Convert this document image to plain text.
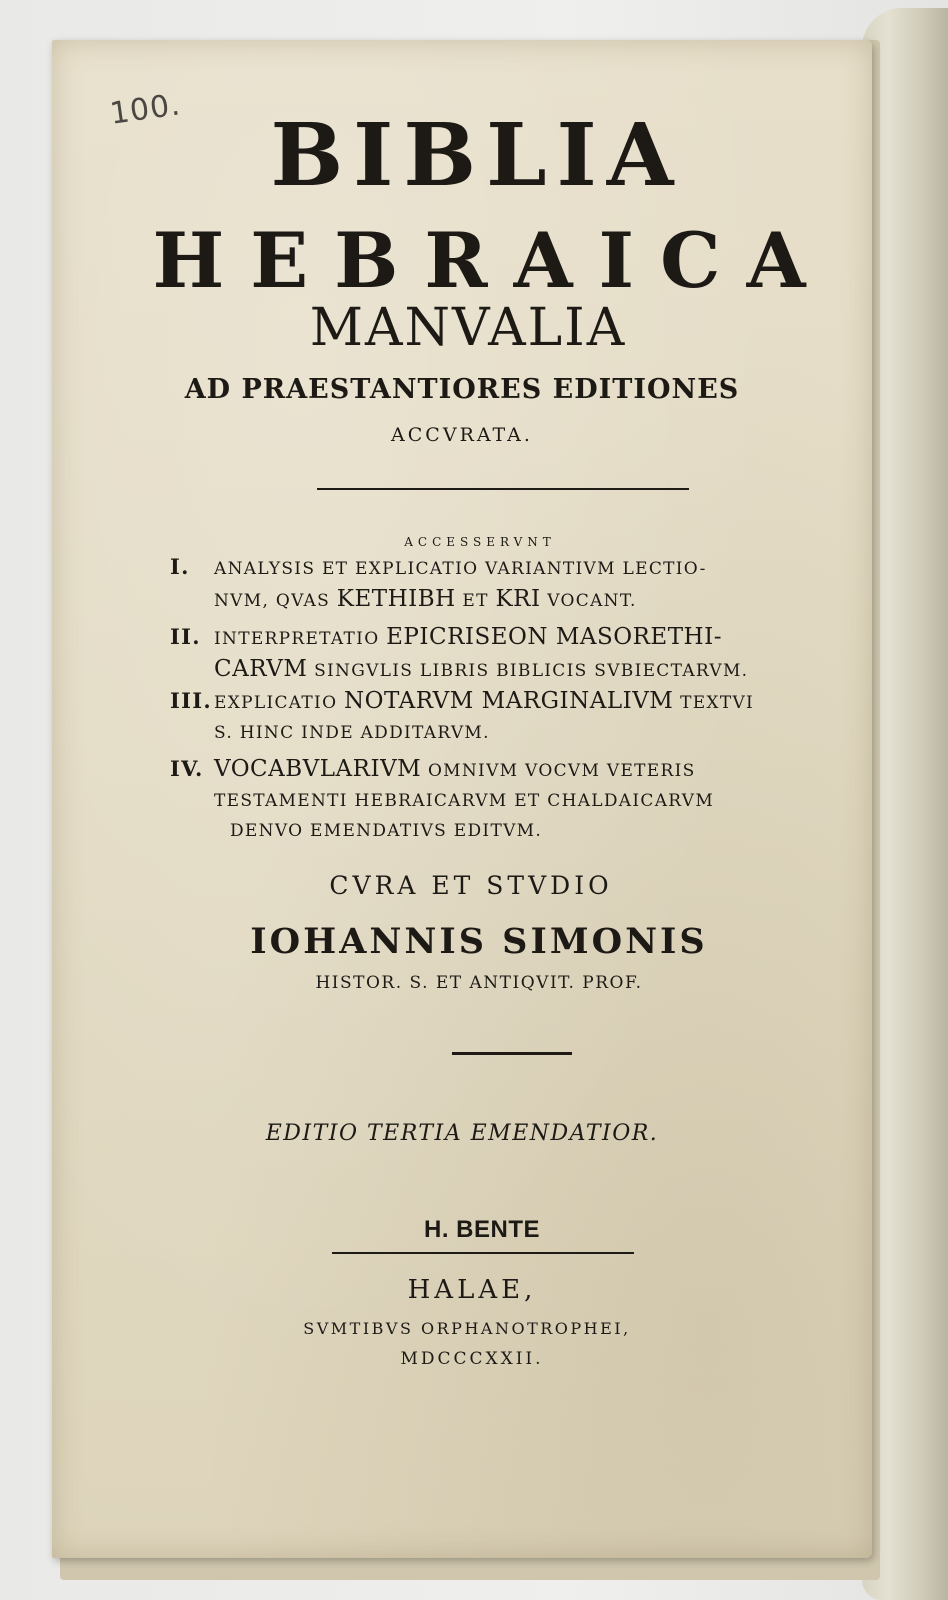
100.	BIBLIA
HEBRAICA
MANVALIA
AD PRAESTANTIORES EDITIONES
ACCVRATA.
ACCESSERVNT
I. ANALYSIS ET EXPLICATIO VARIANTIVM LECTIO-
NVM, QVAS KETHIBH ET KRI VOCANT.
II. INTERPRETATIO EPICRISEON MASORETHI-
CARVM SINGVLIS LIBRIS BIBLICIS SVBIECTARVM.
III. EXPLICATIO NOTARVM MARGINALIVM TEXTVI
S. HINC INDE ADDITARVM.
IV. VOCABVLARIVM OMNIVM VOCVM VETERIS
TESTAMENTI HEBRAICARVM ET CHALDAICARVM
DENVO EMENDATIVS EDITVM.
CVRA ET STVDIO
IOHANNIS SIMONIS
HISTOR. S. ET ANTIQVIT. PROF.
EDITIO TERTIA EMENDATIOR.
H. BENTE
HALAE,
SVMTIBVS ORPHANOTROPHEI,
MDCCCXXII.
